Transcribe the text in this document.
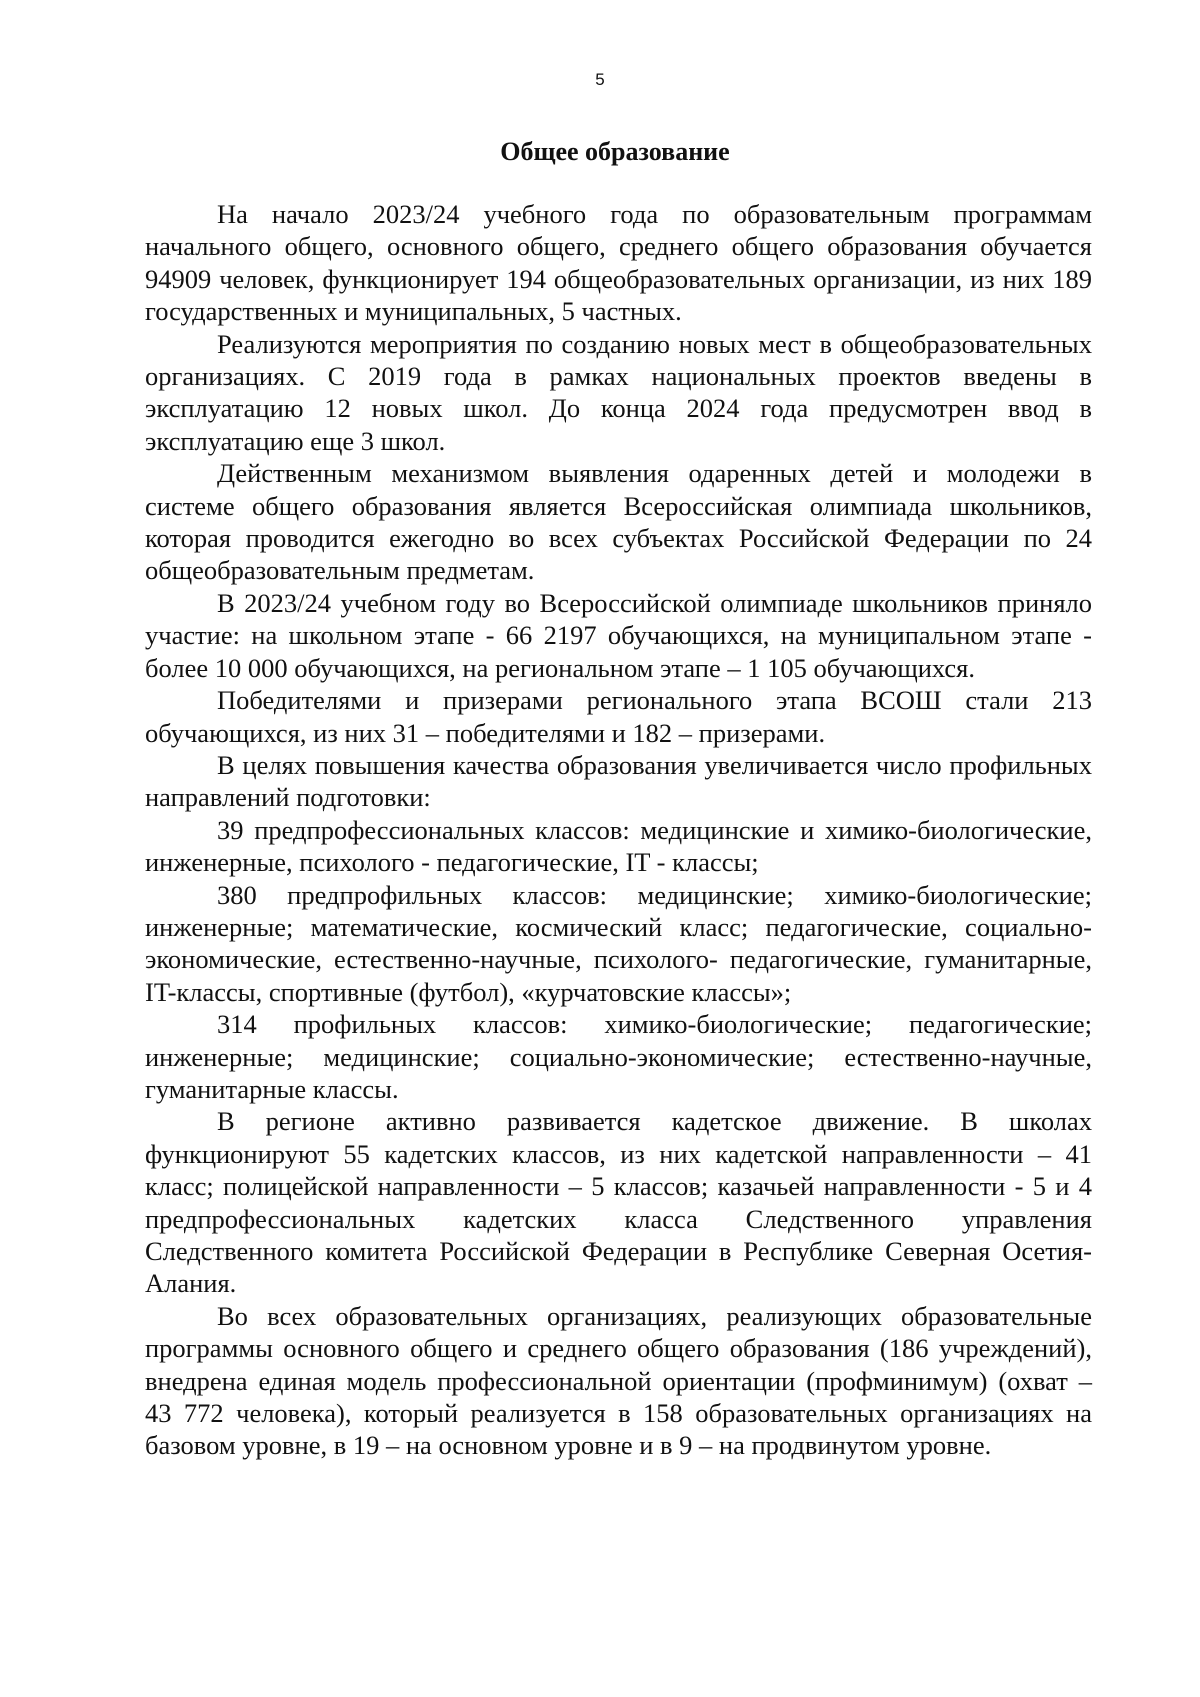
5
Общее образование

На начало 2023/24 учебного года по образовательным программам начального общего, основного общего, среднего общего образования обучается 94909 человек, функционирует 194 общеобразовательных организации, из них 189 государственных и муниципальных, 5 частных.

Реализуются мероприятия по созданию новых мест в общеобразовательных организациях. С 2019 года в рамках национальных проектов введены в эксплуатацию 12 новых школ. До конца 2024 года предусмотрен ввод в эксплуатацию еще 3 школ.

Действенным механизмом выявления одаренных детей и молодежи в системе общего образования является Всероссийская олимпиада школьников, которая проводится ежегодно во всех субъектах Российской Федерации по 24 общеобразовательным предметам.

В 2023/24 учебном году во Всероссийской олимпиаде школьников приняло участие: на школьном этапе - 66 2197 обучающихся, на муниципальном этапе - более 10 000 обучающихся, на региональном этапе – 1 105 обучающихся.

Победителями и призерами регионального этапа ВСОШ стали 213 обучающихся, из них 31 – победителями и 182 – призерами.

В целях повышения качества образования увеличивается число профильных направлений подготовки:

39 предпрофессиональных классов: медицинские и химико-биологические, инженерные, психолого - педагогические, IT - классы;

380 предпрофильных классов: медицинские; химико-биологические; инженерные; математические, космический класс; педагогические, социально-экономические, естественно-научные, психолого- педагогические, гуманитарные, IT-классы, спортивные (футбол), «курчатовские классы»;

314 профильных классов: химико-биологические; педагогические; инженерные; медицинские; социально-экономические; естественно-научные, гуманитарные классы.

В регионе активно развивается кадетское движение. В школах функционируют 55 кадетских классов, из них кадетской направленности – 41 класс; полицейской направленности – 5 классов; казачьей направленности - 5 и 4 предпрофессиональных кадетских класса Следственного управления Следственного комитета Российской Федерации в Республике Северная Осетия-Алания.

Во всех образовательных организациях, реализующих образовательные программы основного общего и среднего общего образования (186 учреждений), внедрена единая модель профессиональной ориентации (профминимум) (охват – 43 772 человека), который реализуется в 158 образовательных организациях на базовом уровне, в 19 – на основном уровне и в 9 – на продвинутом уровне.
